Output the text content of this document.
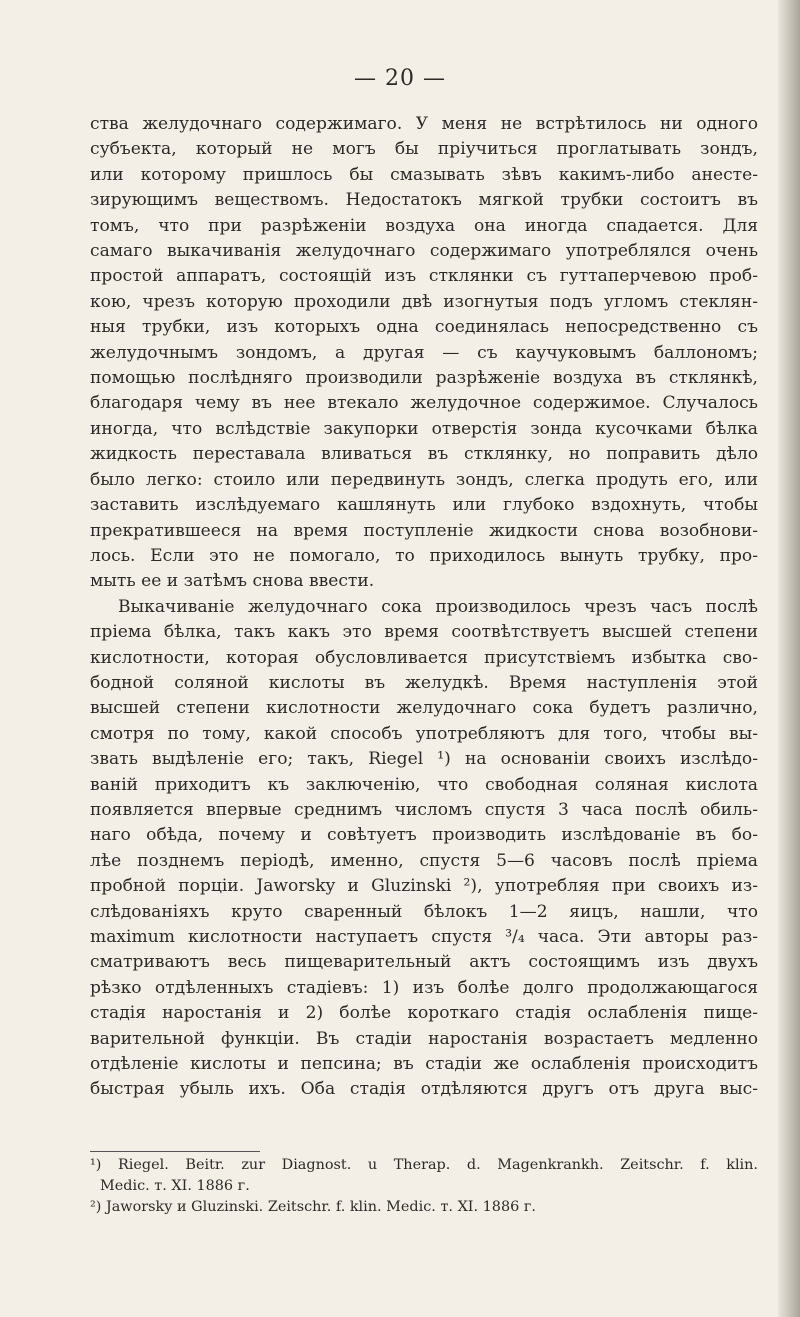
— 20 —
ства желудочнаго содержимаго. У меня не встрѣтилось ни одного
субъекта, который не могъ бы пріучиться проглатывать зондъ,
или которому пришлось бы смазывать зѣвъ какимъ-либо анесте-
зирующимъ веществомъ. Недостатокъ мягкой трубки состоитъ въ
томъ, что при разрѣженіи воздуха она иногда спадается. Для
самаго выкачиванія желудочнаго содержимаго употреблялся очень
простой аппаратъ, состоящій изъ стклянки съ гуттаперчевою проб-
кою, чрезъ которую проходили двѣ изогнутыя подъ угломъ стеклян-
ныя трубки, изъ которыхъ одна соединялась непосредственно съ
желудочнымъ зондомъ, а другая — съ каучуковымъ баллономъ;
помощью послѣдняго производили разрѣженіе воздуха въ стклянкѣ,
благодаря чему въ нее втекало желудочное содержимое. Случалось
иногда, что вслѣдствіе закупорки отверстія зонда кусочками бѣлка
жидкость переставала вливаться въ стклянку, но поправить дѣло
было легко: стоило или передвинуть зондъ, слегка продуть его, или
заставить изслѣдуемаго кашлянуть или глубоко вздохнуть, чтобы
прекратившееся на время поступленіе жидкости снова возобнови-
лось. Если это не помогало, то приходилось вынуть трубку, про-
мыть ее и затѣмъ снова ввести.
Выкачиваніе желудочнаго сока производилось чрезъ часъ послѣ
пріема бѣлка, такъ какъ это время соотвѣтствуетъ высшей степени
кислотности, которая обусловливается присутствіемъ избытка сво-
бодной соляной кислоты въ желудкѣ. Время наступленія этой
высшей степени кислотности желудочнаго сока будетъ различно,
смотря по тому, какой способъ употребляютъ для того, чтобы вы-
звать выдѣленіе его; такъ, Riegel ¹) на основаніи своихъ изслѣдо-
ваній приходитъ къ заключенію, что свободная соляная кислота
появляется впервые среднимъ числомъ спустя 3 часа послѣ обиль-
наго обѣда, почему и совѣтуетъ производить изслѣдованіе въ бо-
лѣе позднемъ періодѣ, именно, спустя 5—6 часовъ послѣ пріема
пробной порціи. Jaworsky и Gluzinski ²), употребляя при своихъ из-
слѣдованіяхъ круто сваренный бѣлокъ 1—2 яицъ, нашли, что
maximum кислотности наступаетъ спустя ³/₄ часа. Эти авторы раз-
сматриваютъ весь пищеварительный актъ состоящимъ изъ двухъ
рѣзко отдѣленныхъ стадіевъ: 1) изъ болѣе долго продолжающагося
стадія наростанія и 2) болѣе короткаго стадія ослабленія пище-
варительной функціи. Въ стадіи наростанія возрастаетъ медленно
отдѣленіе кислоты и пепсина; въ стадіи же ослабленія происходитъ
быстрая убыль ихъ. Оба стадія отдѣляются другъ отъ друга выс-
¹) Riegel. Beitr. zur Diagnost. u Therap. d. Magenkrankh. Zeitschr. f. klin.
Medic. т. XI. 1886 г.
²) Jaworsky и Gluzinski. Zeitschr. f. klin. Medic. т. XI. 1886 г.
